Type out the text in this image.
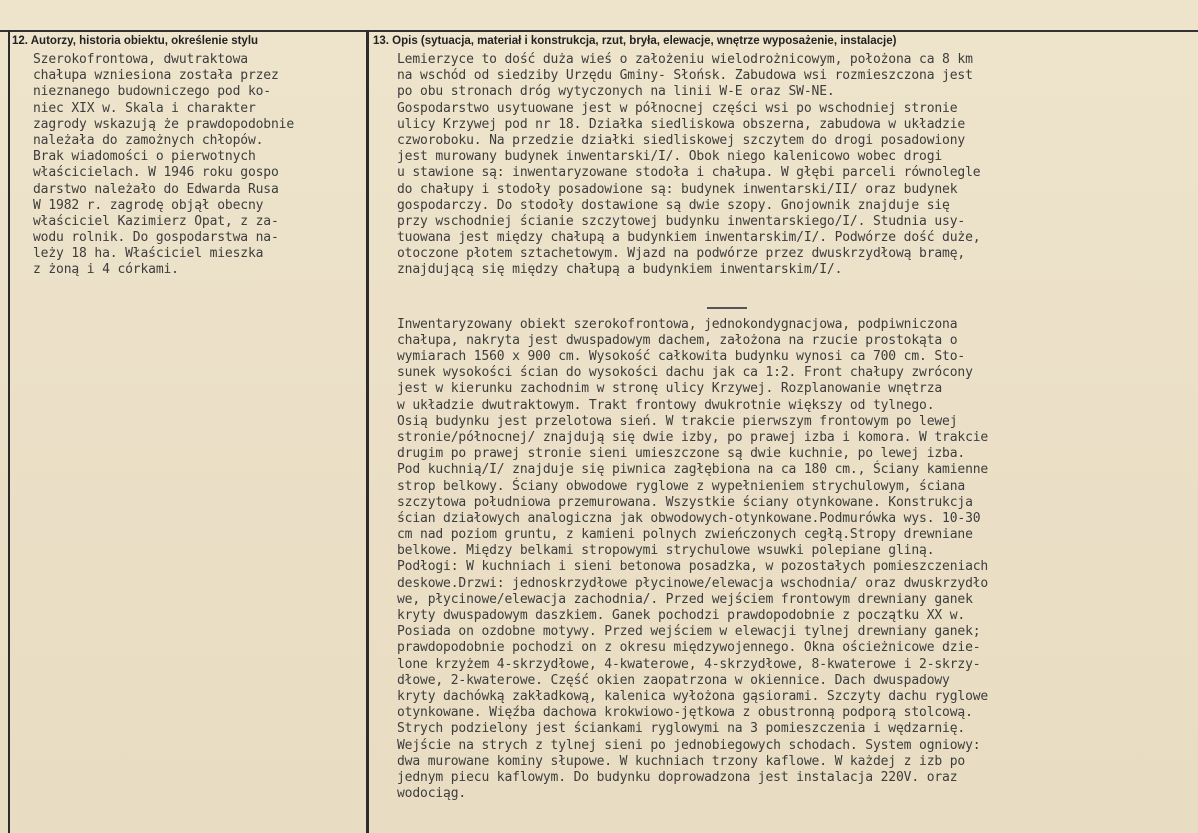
12. Autorzy, historia obiektu, określenie stylu	13. Opis (sytuacja, materiał i konstrukcja, rzut, bryła, elewacje, wnętrze wyposażenie, instalacje)
Szerokofrontowa, dwutraktowa
chałupa wzniesiona została przez
nieznanego budowniczego pod ko-
niec XIX w. Skala i charakter
zagrody wskazują że prawdopodobnie
należała do zamożnych chłopów.
Brak wiadomości o pierwotnych
właścicielach. W 1946 roku gospo
darstwo należało do Edwarda Rusa
W 1982 r. zagrodę objął obecny
właściciel Kazimierz Opat, z za-
wodu rolnik. Do gospodarstwa na-
leży 18 ha. Właściciel mieszka
z żoną i 4 córkami.
Lemierzyce to dość duża wieś o założeniu wielodrożnicowym, położona ca 8 km
na wschód od siedziby Urzędu Gminy- Słońsk. Zabudowa wsi rozmieszczona jest
po obu stronach dróg wytyczonych na linii W-E oraz SW-NE.
Gospodarstwo usytuowane jest w północnej części wsi po wschodniej stronie
ulicy Krzywej pod nr 18. Działka siedliskowa obszerna, zabudowa w układzie
czworoboku. Na przedzie działki siedliskowej szczytem do drogi posadowiony
jest murowany budynek inwentarski/I/. Obok niego kalenicowo wobec drogi
u stawione są: inwentaryzowane stodoła i chałupa. W głębi parceli równolegle
do chałupy i stodoły posadowione są: budynek inwentarski/II/ oraz budynek
gospodarczy. Do stodoły dostawione są dwie szopy. Gnojownik znajduje się
przy wschodniej ścianie szczytowej budynku inwentarskiego/I/. Studnia usy-
tuowana jest między chałupą a budynkiem inwentarskim/I/. Podwórze dość duże,
otoczone płotem sztachetowym. Wjazd na podwórze przez dwuskrzydłową bramę,
znajdującą się między chałupą a budynkiem inwentarskim/I/.
Inwentaryzowany obiekt szerokofrontowa, jednokondygnacjowa, podpiwniczona
chałupa, nakryta jest dwuspadowym dachem, założona na rzucie prostokąta o
wymiarach 1560 x 900 cm. Wysokość całkowita budynku wynosi ca 700 cm. Sto-
sunek wysokości ścian do wysokości dachu jak ca 1:2. Front chałupy zwrócony
jest w kierunku zachodnim w stronę ulicy Krzywej. Rozplanowanie wnętrza
w układzie dwutraktowym. Trakt frontowy dwukrotnie większy od tylnego.
Osią budynku jest przelotowa sień. W trakcie pierwszym frontowym po lewej
stronie/północnej/ znajdują się dwie izby, po prawej izba i komora. W trakcie
drugim po prawej stronie sieni umieszczone są dwie kuchnie, po lewej izba.
Pod kuchnią/I/ znajduje się piwnica zagłębiona na ca 180 cm., Ściany kamienne
strop belkowy. Ściany obwodowe ryglowe z wypełnieniem strychulowym, ściana
szczytowa południowa przemurowana. Wszystkie ściany otynkowane. Konstrukcja
ścian działowych analogiczna jak obwodowych-otynkowane.Podmurówka wys. 10-30
cm nad poziom gruntu, z kamieni polnych zwieńczonych cegłą.Stropy drewniane
belkowe. Między belkami stropowymi strychulowe wsuwki polepiane gliną.
Podłogi: W kuchniach i sieni betonowa posadzka, w pozostałych pomieszczeniach
deskowe.Drzwi: jednoskrzydłowe płycinowe/elewacja wschodnia/ oraz dwuskrzydło
we, płycinowe/elewacja zachodnia/. Przed wejściem frontowym drewniany ganek
kryty dwuspadowym daszkiem. Ganek pochodzi prawdopodobnie z początku XX w.
Posiada on ozdobne motywy. Przed wejściem w elewacji tylnej drewniany ganek;
prawdopodobnie pochodzi on z okresu międzywojennego. Okna ościeżnicowe dzie-
lone krzyżem 4-skrzydłowe, 4-kwaterowe, 4-skrzydłowe, 8-kwaterowe i 2-skrzy-
dłowe, 2-kwaterowe. Część okien zaopatrzona w okiennice. Dach dwuspadowy
kryty dachówką zakładkową, kalenica wyłożona gąsiorami. Szczyty dachu ryglowe
otynkowane. Więźba dachowa krokwiowo-jętkowa z obustronną podporą stolcową.
Strych podzielony jest ściankami ryglowymi na 3 pomieszczenia i wędzarnię.
Wejście na strych z tylnej sieni po jednobiegowych schodach. System ogniowy:
dwa murowane kominy słupowe. W kuchniach trzony kaflowe. W każdej z izb po
jednym piecu kaflowym. Do budynku doprowadzona jest instalacja 220V. oraz
wodociąg.
